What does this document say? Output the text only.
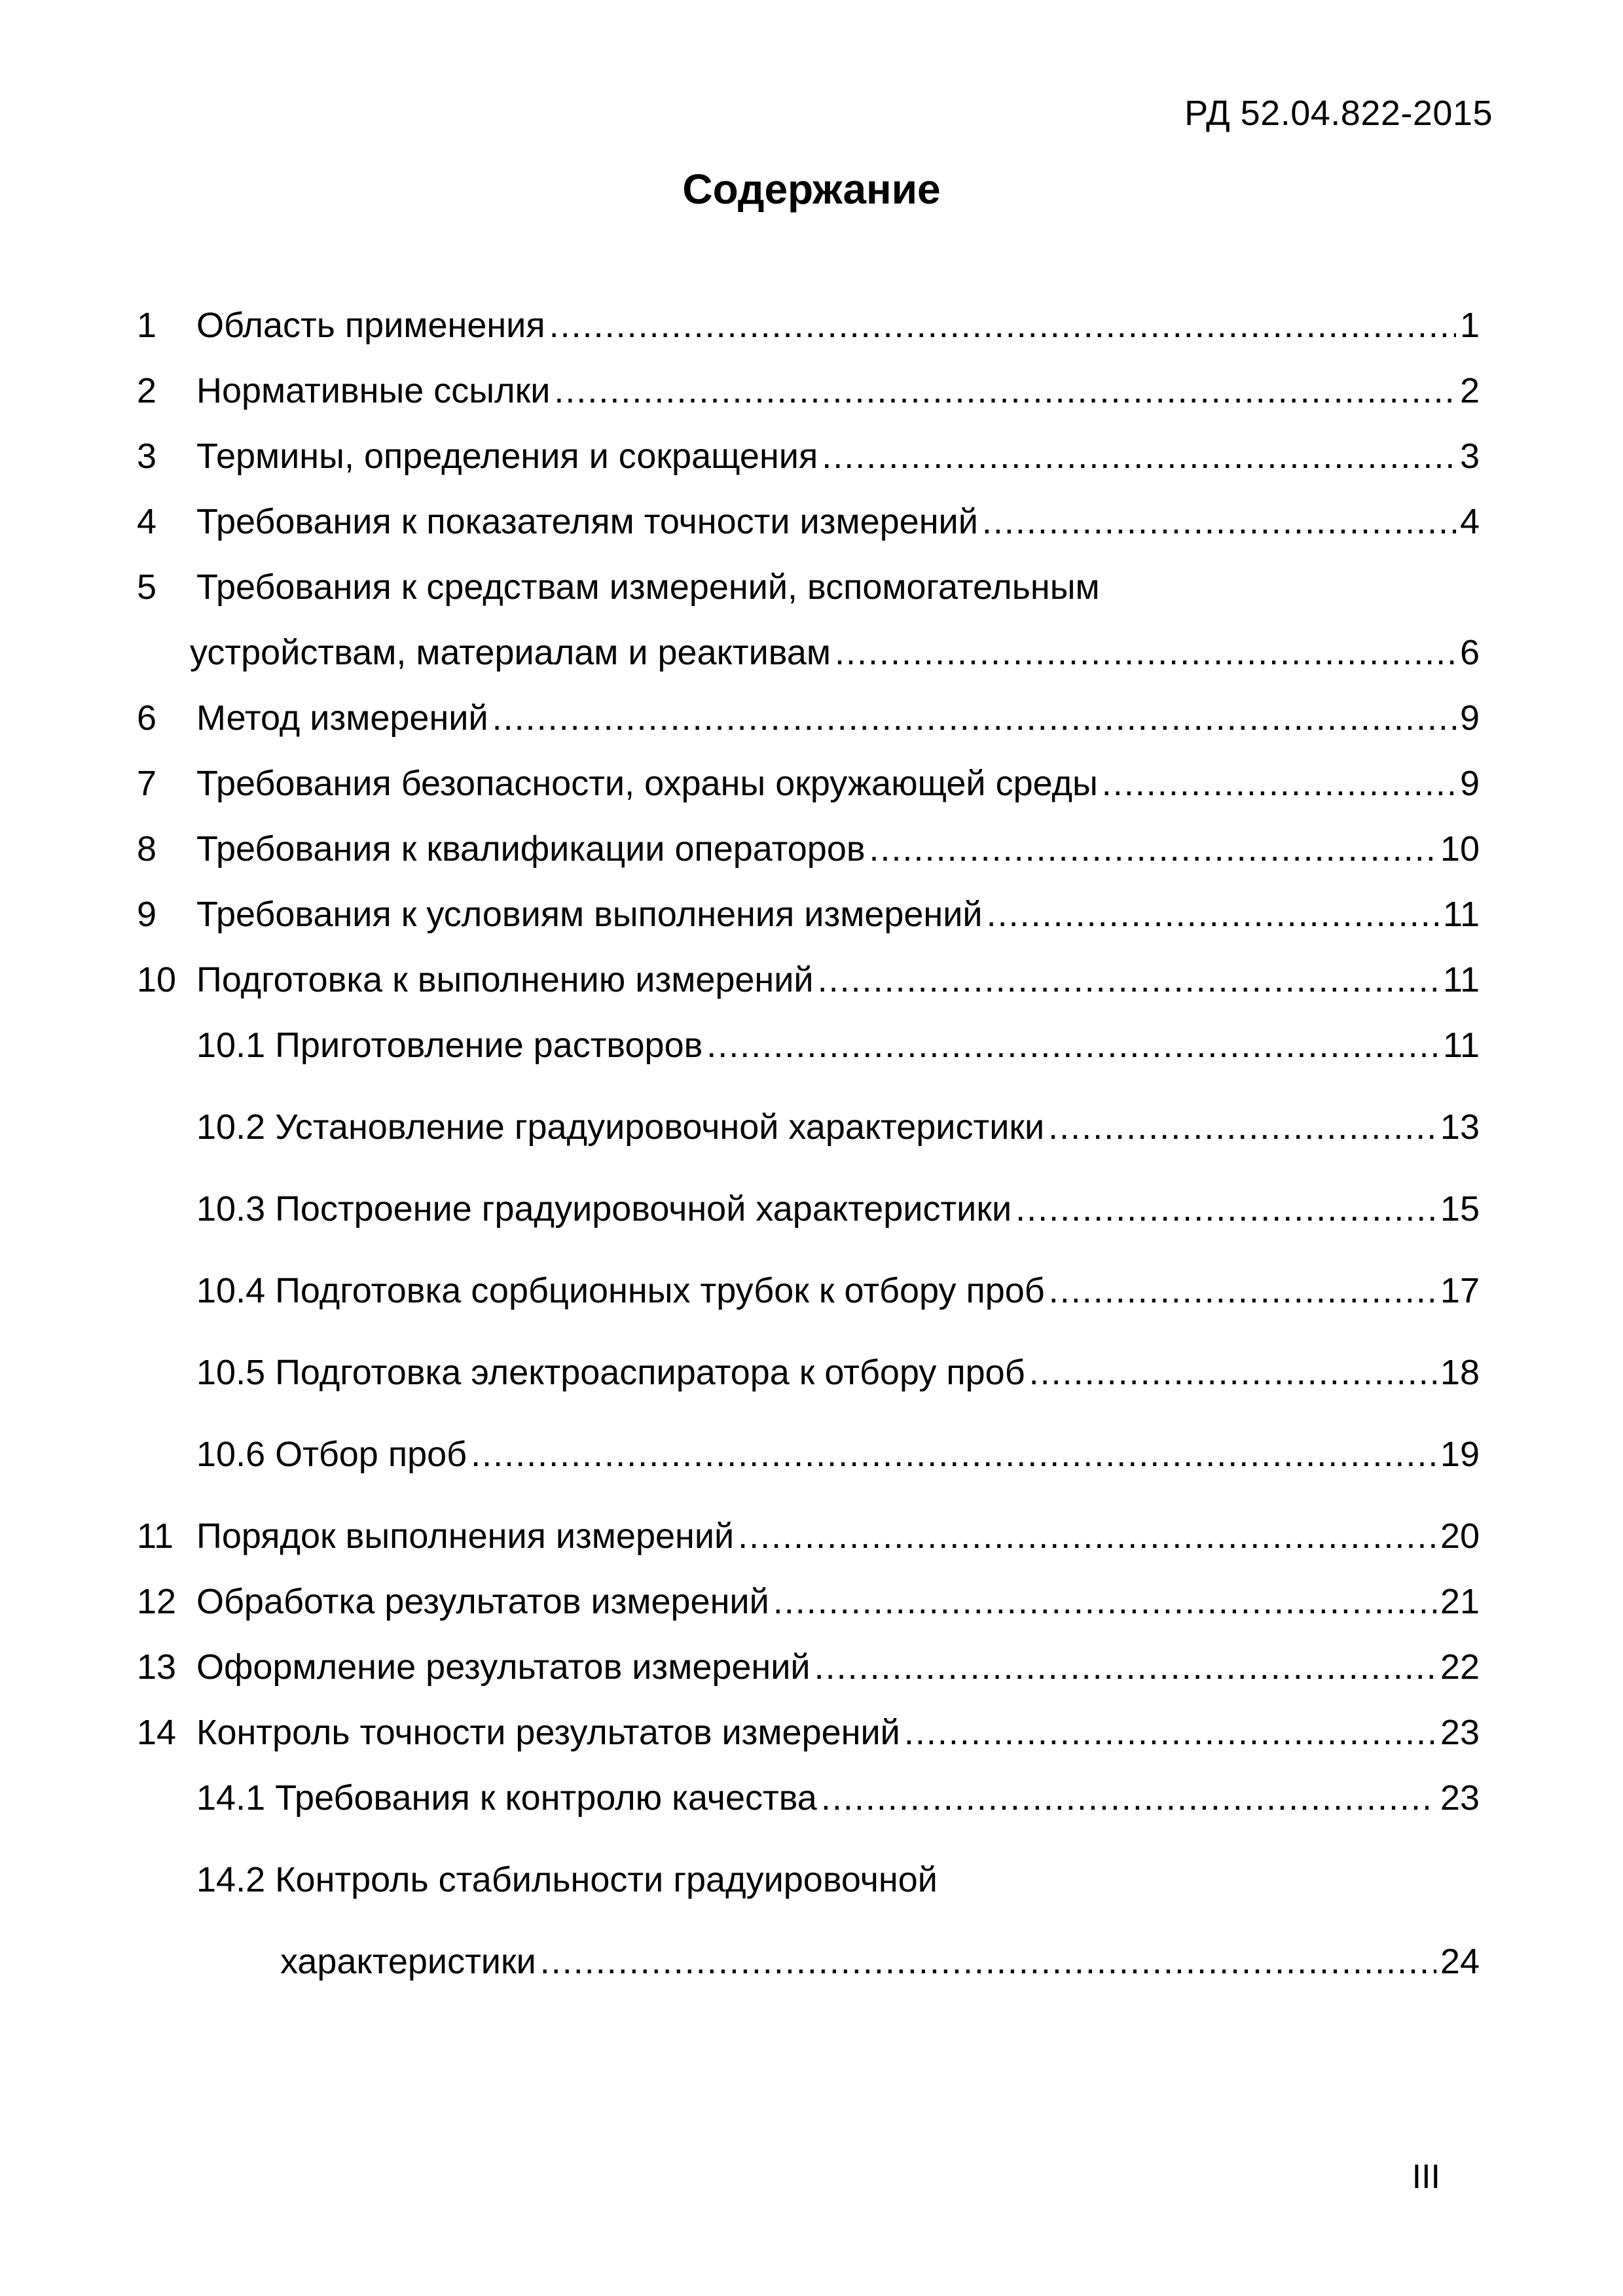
РД 52.04.822-2015
Содержание
1 Область применения .....	1
2 Нормативные ссылки .....	2
3 Термины, определения и сокращения .....	3
4 Требования к показателям точности измерений .....	4
5 Требования к средствам измерений, вспомогательным
устройствам, материалам и реактивам .....	6
6 Метод измерений .....	9
7 Требования безопасности, охраны окружающей среды .....	9
8 Требования к квалификации операторов .....	10
9 Требования к условиям выполнения измерений .....	11
10 Подготовка к выполнению измерений .....	11
10.1 Приготовление растворов .....	11
10.2 Установление градуировочной характеристики .....	13
10.3 Построение градуировочной характеристики .....	15
10.4 Подготовка сорбционных трубок к отбору проб .....	17
10.5 Подготовка электроаспиратора к отбору проб .....	18
10.6 Отбор проб .....	19
11 Порядок выполнения измерений .....	20
12 Обработка результатов измерений .....	21
13 Оформление результатов измерений .....	22
14 Контроль точности результатов измерений .....	23
14.1 Требования к контролю качества .....	23
14.2 Контроль стабильности градуировочной
характеристики .....	24
III
